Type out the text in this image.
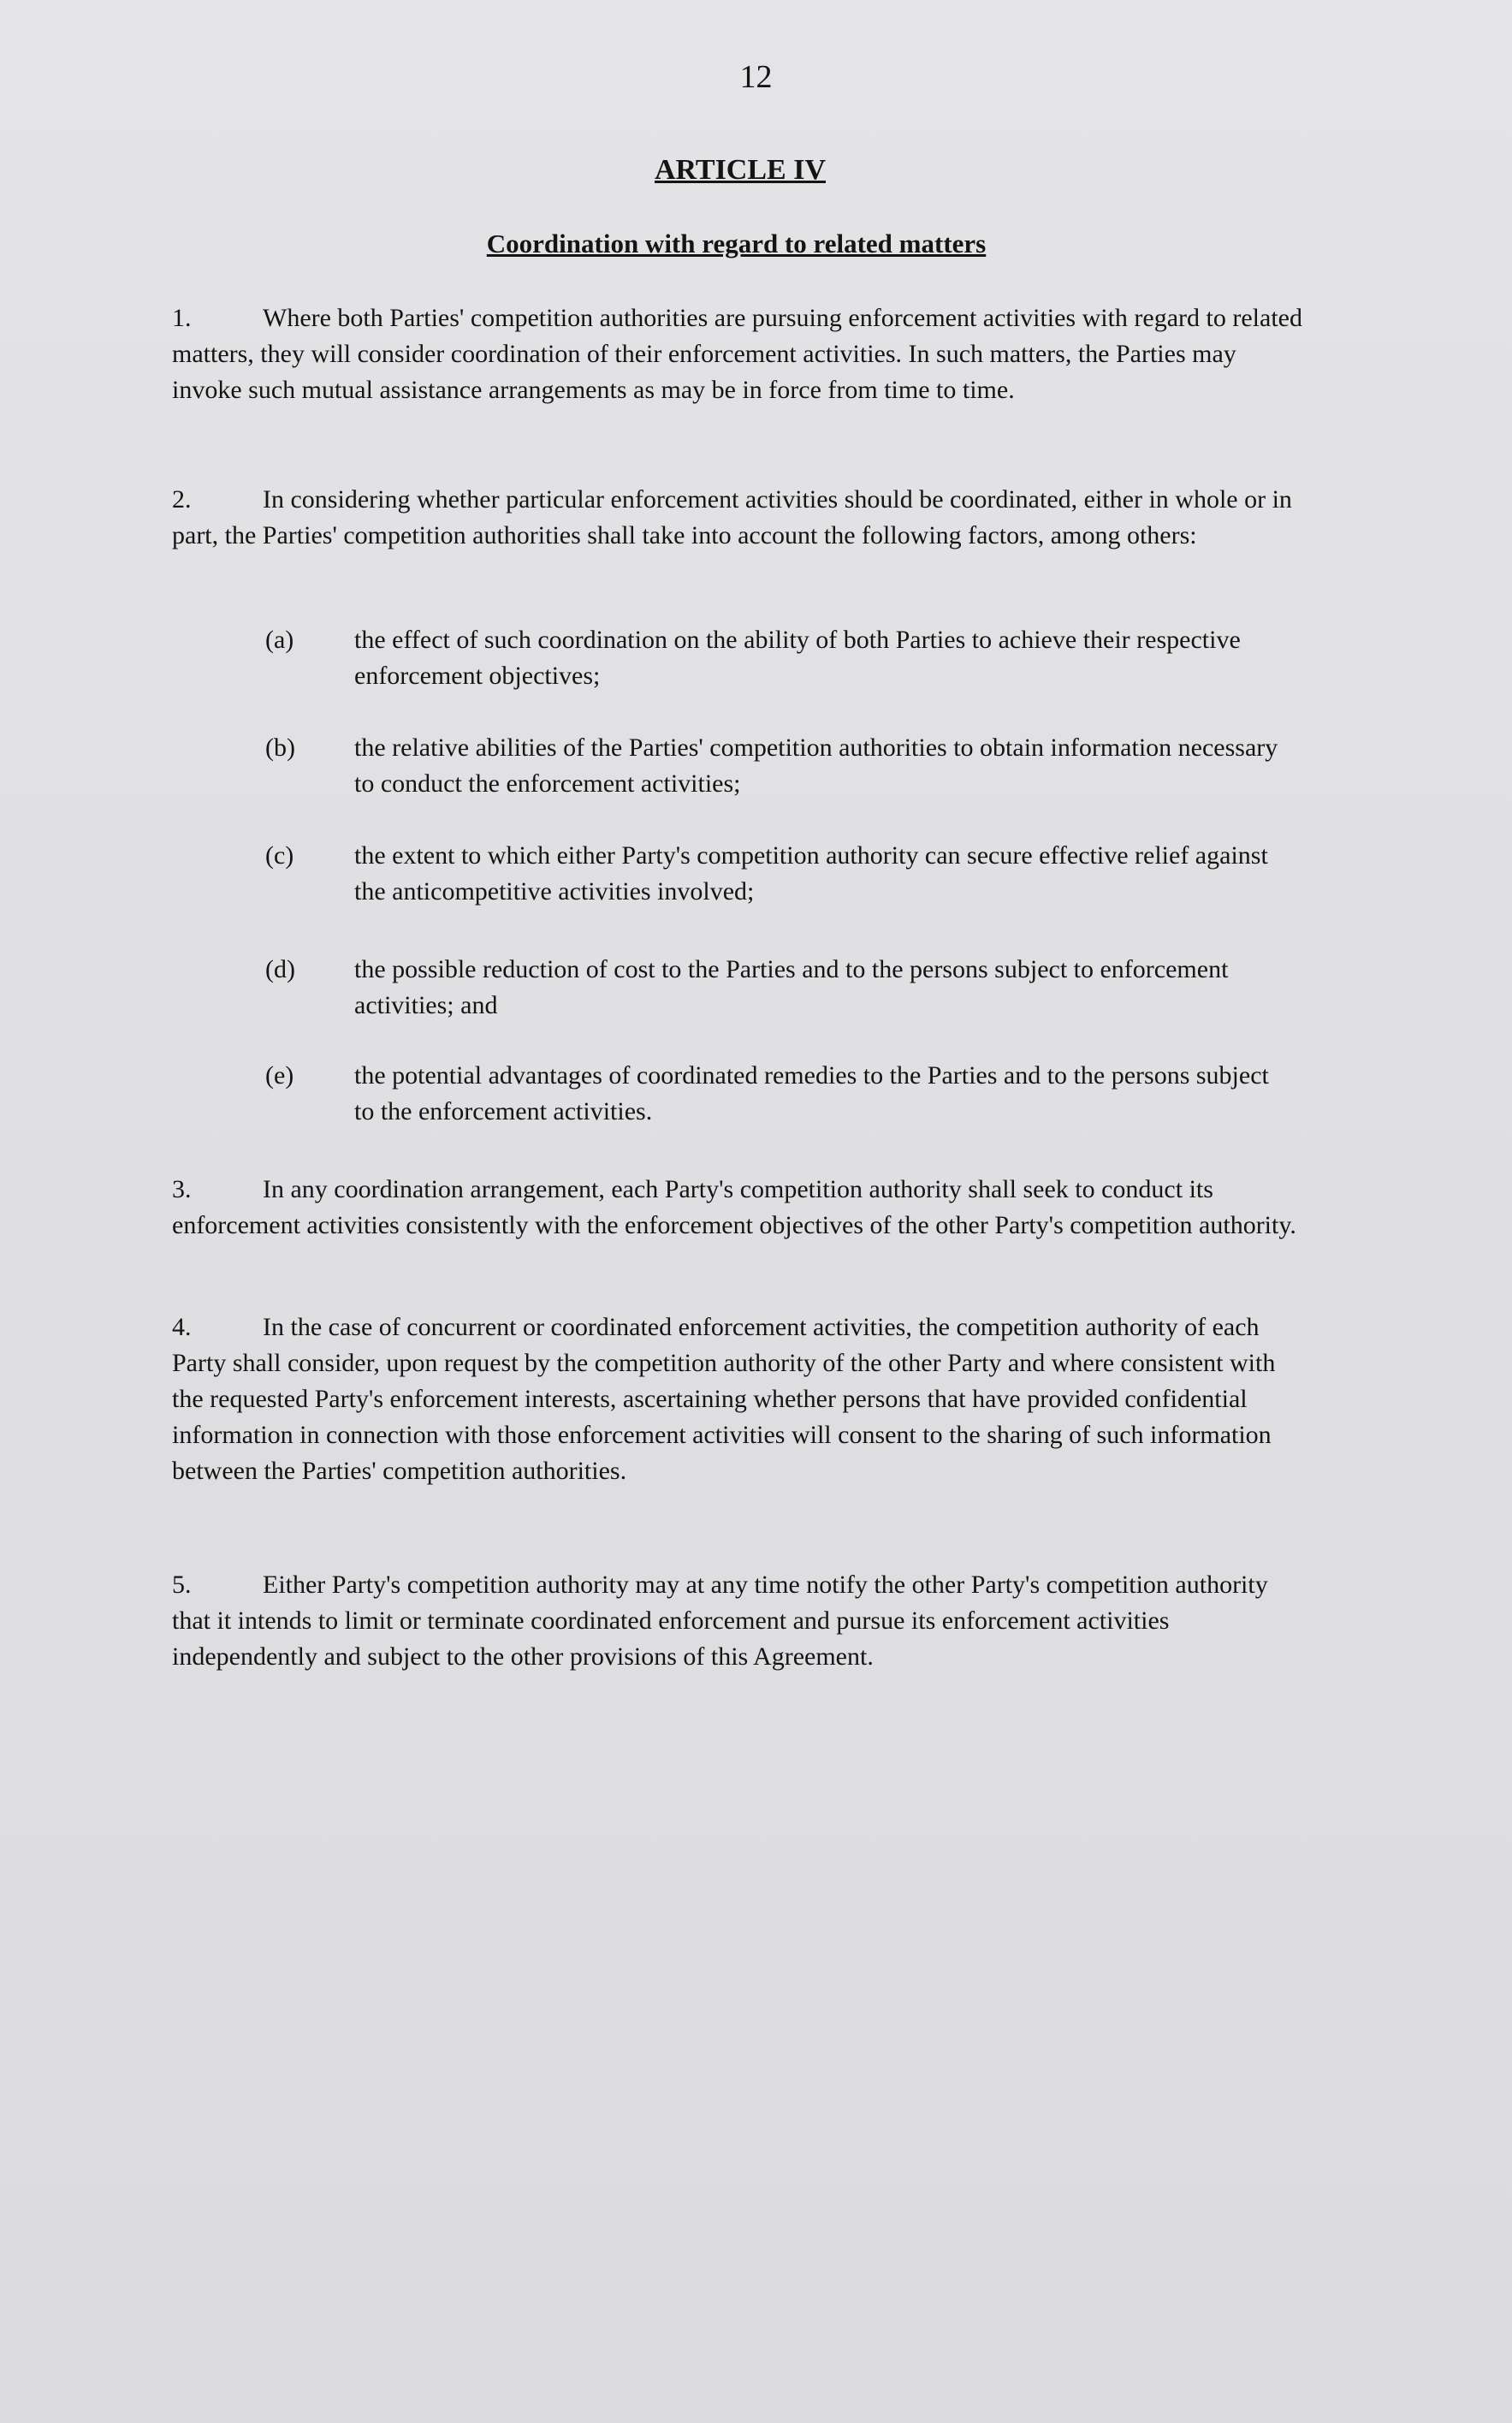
12
ARTICLE IV
Coordination with regard to related matters

1.	Where both Parties' competition authorities are pursuing enforcement activities with regard to related matters, they will consider coordination of their enforcement activities. In such matters, the Parties may invoke such mutual assistance arrangements as may be in force from time to time.

2.	In considering whether particular enforcement activities should be coordinated, either in whole or in part, the Parties' competition authorities shall take into account the following factors, among others:

(a) the effect of such coordination on the ability of both Parties to achieve their respective enforcement objectives;

(b) the relative abilities of the Parties' competition authorities to obtain information necessary to conduct the enforcement activities;

(c) the extent to which either Party's competition authority can secure effective relief against the anticompetitive activities involved;

(d) the possible reduction of cost to the Parties and to the persons subject to enforcement activities; and

(e) the potential advantages of coordinated remedies to the Parties and to the persons subject to the enforcement activities.

3.	In any coordination arrangement, each Party's competition authority shall seek to conduct its enforcement activities consistently with the enforcement objectives of the other Party's competition authority.

4.	In the case of concurrent or coordinated enforcement activities, the competition authority of each Party shall consider, upon request by the competition authority of the other Party and where consistent with the requested Party's enforcement interests, ascertaining whether persons that have provided confidential information in connection with those enforcement activities will consent to the sharing of such information between the Parties' competition authorities.

5.	Either Party's competition authority may at any time notify the other Party's competition authority that it intends to limit or terminate coordinated enforcement and pursue its enforcement activities independently and subject to the other provisions of this Agreement.
